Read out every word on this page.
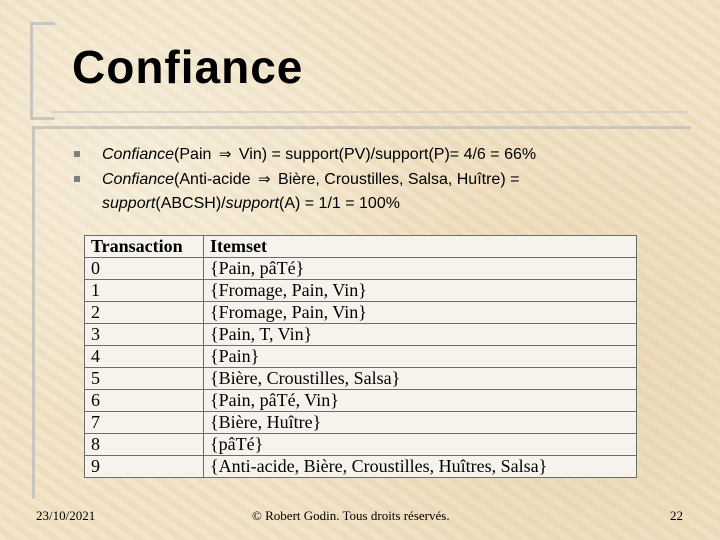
Confiance
Confiance(Pain ⇒ Vin) = support(PV)/support(P)= 4/6 = 66%
Confiance(Anti-acide ⇒ Bière, Croustilles, Salsa, Huître) =
support(ABCSH)/support(A) = 1/1 = 100%
Transaction	Itemset
0	{Pain, pâTé}
1	{Fromage, Pain, Vin}
2	{Fromage, Pain, Vin}
3	{Pain, T, Vin}
4	{Pain}
5	{Bière, Croustilles, Salsa}
6	{Pain, pâTé, Vin}
7	{Bière, Huître}
8	{pâTé}
9	{Anti-acide, Bière, Croustilles, Huîtres, Salsa}
23/10/2021	© Robert Godin. Tous droits réservés.	22
